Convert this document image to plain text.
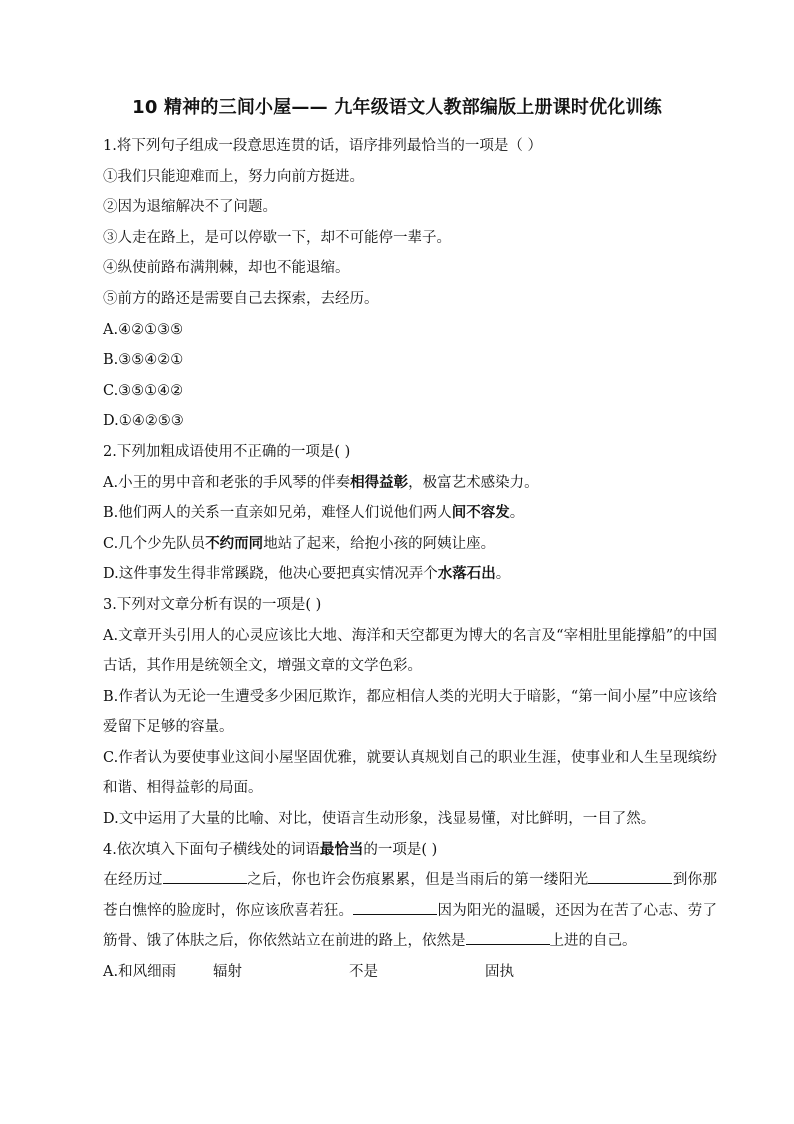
10 精神的三间小屋—— 九年级语文人教部编版上册课时优化训练
1.将下列句子组成一段意思连贯的话，语序排列最恰当的一项是（ ）
①我们只能迎难而上，努力向前方挺进。
②因为退缩解决不了问题。
③人走在路上，是可以停歇一下，却不可能停一辈子。
④纵使前路布满荆棘，却也不能退缩。
⑤前方的路还是需要自己去探索，去经历。
A.④②①③⑤
B.③⑤④②①
C.③⑤①④②
D.①④②⑤③
2.下列加粗成语使用不正确的一项是( )
A.小王的男中音和老张的手风琴的伴奏相得益彰，极富艺术感染力。
B.他们两人的关系一直亲如兄弟，难怪人们说他们两人间不容发。
C.几个少先队员不约而同地站了起来，给抱小孩的阿姨让座。
D.这件事发生得非常蹊跷，他决心要把真实情况弄个水落石出。
3.下列对文章分析有误的一项是( )
A.文章开头引用人的心灵应该比大地、海洋和天空都更为博大的名言及“宰相肚里能撑船”的中国古话，其作用是统领全文，增强文章的文学色彩。
B.作者认为无论一生遭受多少困厄欺诈，都应相信人类的光明大于暗影，“第一间小屋”中应该给爱留下足够的容量。
C.作者认为要使事业这间小屋坚固优雅，就要认真规划自己的职业生涯，使事业和人生呈现缤纷和谐、相得益彰的局面。
D.文中运用了大量的比喻、对比，使语言生动形象，浅显易懂，对比鲜明，一目了然。
4.依次填入下面句子横线处的词语最恰当的一项是( )
在经历过	之后，你也许会伤痕累累，但是当雨后的第一缕阳光	到你那苍白憔悴的脸庞时，你应该欣喜若狂。	因为阳光的温暖，还因为在苦了心志、劳了筋骨、饿了体肤之后，你依然站立在前进的路上，依然是	上进的自己。
A.和风细雨	辐射	不是	固执
